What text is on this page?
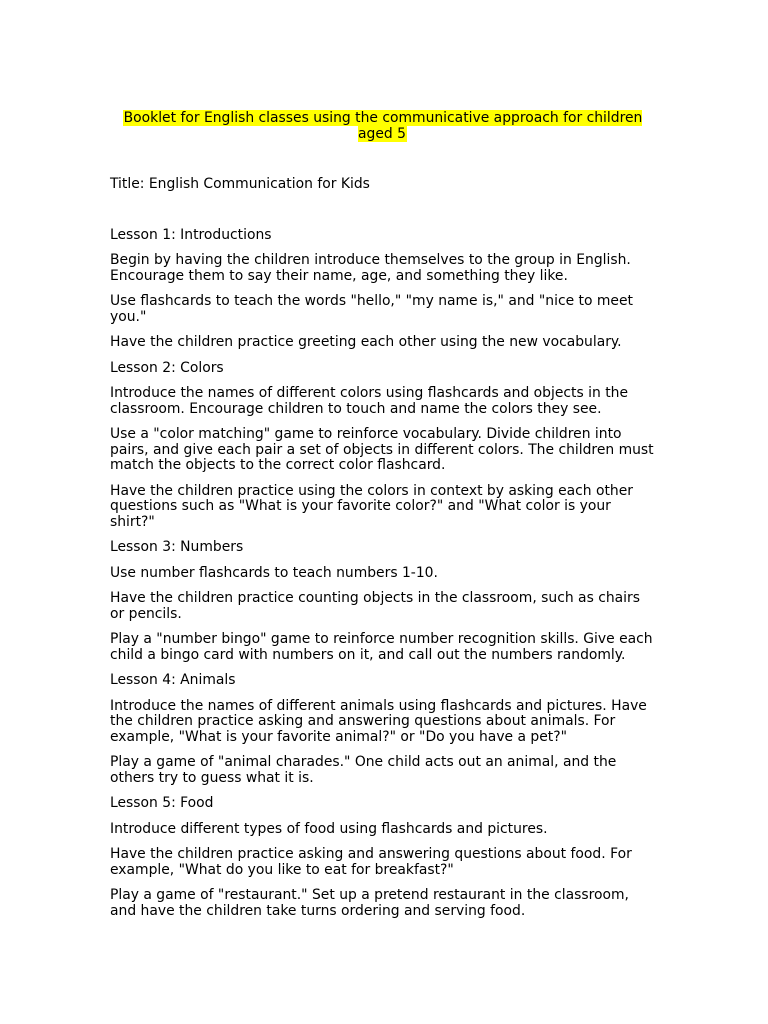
Booklet for English classes using the communicative approach for children aged 5

Title: English Communication for Kids

Lesson 1: Introductions

Begin by having the children introduce themselves to the group in English. Encourage them to say their name, age, and something they like.

Use flashcards to teach the words "hello," "my name is," and "nice to meet you."

Have the children practice greeting each other using the new vocabulary.

Lesson 2: Colors

Introduce the names of different colors using flashcards and objects in the classroom. Encourage children to touch and name the colors they see.

Use a "color matching" game to reinforce vocabulary. Divide children into pairs, and give each pair a set of objects in different colors. The children must match the objects to the correct color flashcard.

Have the children practice using the colors in context by asking each other questions such as "What is your favorite color?" and "What color is your shirt?"

Lesson 3: Numbers

Use number flashcards to teach numbers 1-10.

Have the children practice counting objects in the classroom, such as chairs or pencils.

Play a "number bingo" game to reinforce number recognition skills. Give each child a bingo card with numbers on it, and call out the numbers randomly.

Lesson 4: Animals

Introduce the names of different animals using flashcards and pictures. Have the children practice asking and answering questions about animals. For example, "What is your favorite animal?" or "Do you have a pet?"

Play a game of "animal charades." One child acts out an animal, and the others try to guess what it is.

Lesson 5: Food

Introduce different types of food using flashcards and pictures.

Have the children practice asking and answering questions about food. For example, "What do you like to eat for breakfast?"

Play a game of "restaurant." Set up a pretend restaurant in the classroom, and have the children take turns ordering and serving food.
